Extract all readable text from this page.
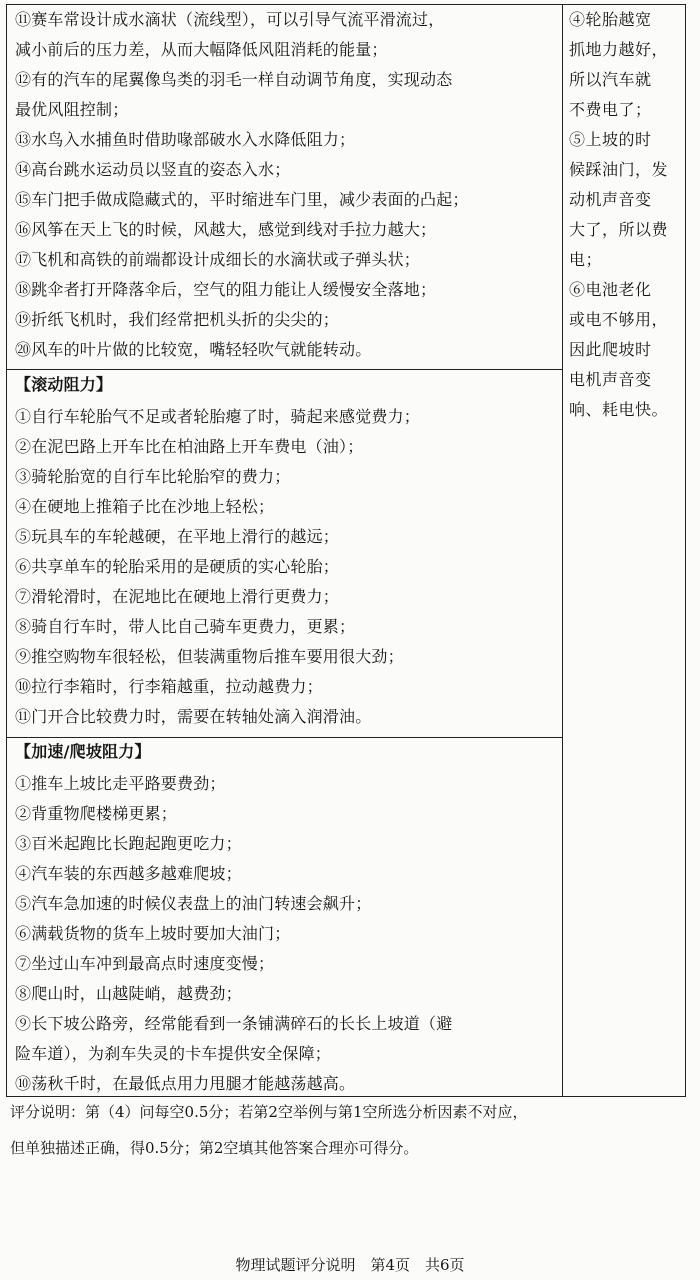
⑪赛车常设计成水滴状（流线型），可以引导气流平滑流过，
减小前后的压力差，从而大幅降低风阻消耗的能量；
⑫有的汽车的尾翼像鸟类的羽毛一样自动调节角度，实现动态
最优风阻控制；
⑬水鸟入水捕鱼时借助喙部破水入水降低阻力；
⑭高台跳水运动员以竖直的姿态入水；
⑮车门把手做成隐藏式的，平时缩进车门里，减少表面的凸起；
⑯风筝在天上飞的时候，风越大，感觉到线对手拉力越大；
⑰飞机和高铁的前端都设计成细长的水滴状或子弹头状；
⑱跳伞者打开降落伞后，空气的阻力能让人缓慢安全落地；
⑲折纸飞机时，我们经常把机头折的尖尖的；
⑳风车的叶片做的比较宽，嘴轻轻吹气就能转动。
【滚动阻力】
①自行车轮胎气不足或者轮胎瘪了时，骑起来感觉费力；
②在泥巴路上开车比在柏油路上开车费电（油）；
③骑轮胎宽的自行车比轮胎窄的费力；
④在硬地上推箱子比在沙地上轻松；
⑤玩具车的车轮越硬，在平地上滑行的越远；
⑥共享单车的轮胎采用的是硬质的实心轮胎；
⑦滑轮滑时，在泥地比在硬地上滑行更费力；
⑧骑自行车时，带人比自己骑车更费力，更累；
⑨推空购物车很轻松，但装满重物后推车要用很大劲；
⑩拉行李箱时，行李箱越重，拉动越费力；
⑪门开合比较费力时，需要在转轴处滴入润滑油。
【加速/爬坡阻力】
①推车上坡比走平路要费劲；
②背重物爬楼梯更累；
③百米起跑比长跑起跑更吃力；
④汽车装的东西越多越难爬坡；
⑤汽车急加速的时候仪表盘上的油门转速会飙升；
⑥满载货物的货车上坡时要加大油门；
⑦坐过山车冲到最高点时速度变慢；
⑧爬山时，山越陡峭，越费劲；
⑨长下坡公路旁，经常能看到一条铺满碎石的长长上坡道（避
险车道），为刹车失灵的卡车提供安全保障；
⑩荡秋千时，在最低点用力甩腿才能越荡越高。
④轮胎越宽
抓地力越好，
所以汽车就
不费电了；
⑤上坡的时
候踩油门，发
动机声音变
大了，所以费
电；
⑥电池老化
或电不够用，
因此爬坡时
电机声音变
响、耗电快。
评分说明：第（4）问每空0.5分；若第2空举例与第1空所选分析因素不对应，
但单独描述正确，得0.5分；第2空填其他答案合理亦可得分。
物理试题评分说明　第4页　共6页
